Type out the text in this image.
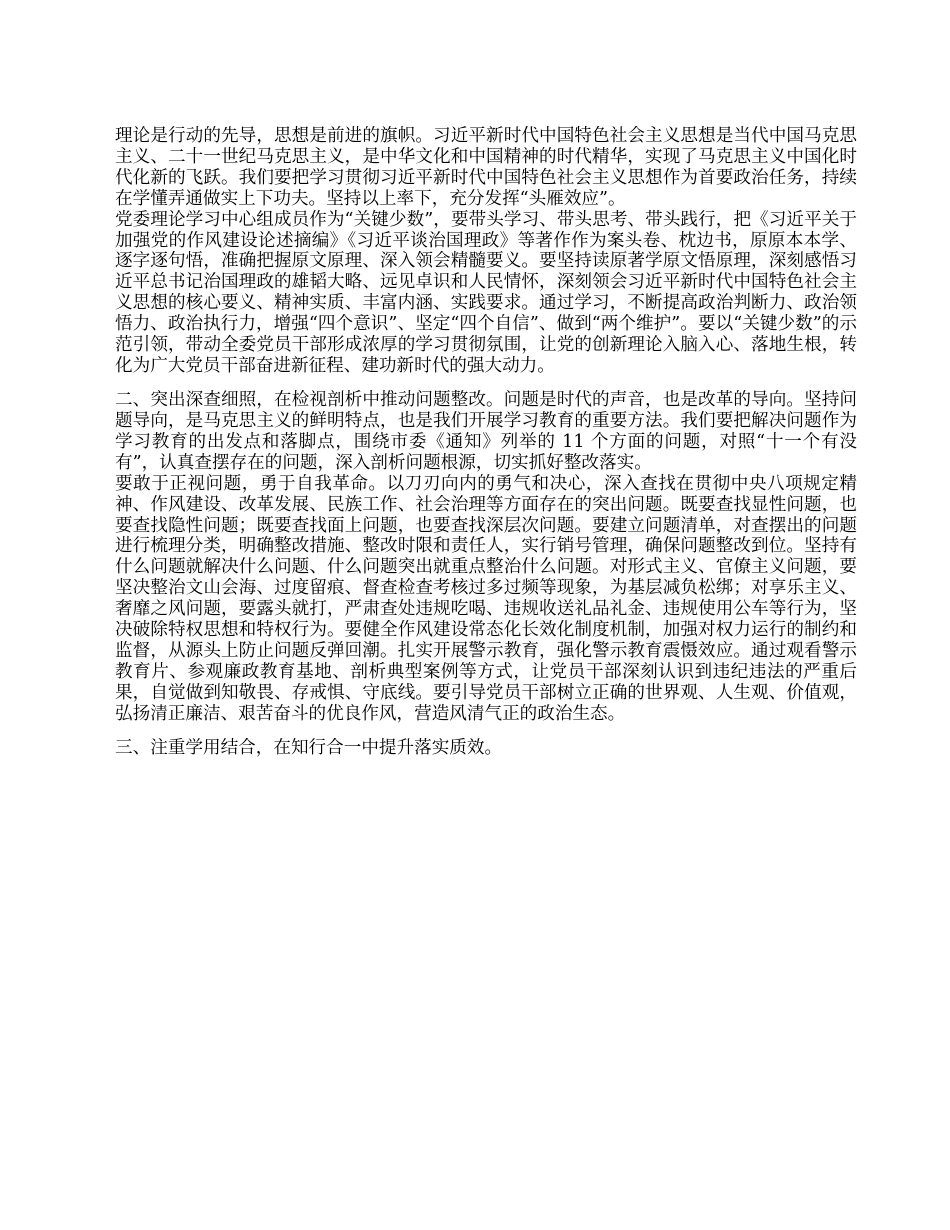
理论是行动的先导，思想是前进的旗帜。习近平新时代中国特色社会主义思想是当代中国马克思主义、二十一世纪马克思主义，是中华文化和中国精神的时代精华，实现了马克思主义中国化时代化新的飞跃。我们要把学习贯彻习近平新时代中国特色社会主义思想作为首要政治任务，持续在学懂弄通做实上下功夫。坚持以上率下，充分发挥“头雁效应”。

党委理论学习中心组成员作为“关键少数”，要带头学习、带头思考、带头践行，把《习近平关于加强党的作风建设论述摘编》《习近平谈治国理政》等著作作为案头卷、枕边书，原原本本学、逐字逐句悟，准确把握原文原理、深入领会精髓要义。要坚持读原著学原文悟原理，深刻感悟习近平总书记治国理政的雄韬大略、远见卓识和人民情怀，深刻领会习近平新时代中国特色社会主义思想的核心要义、精神实质、丰富内涵、实践要求。通过学习，不断提高政治判断力、政治领悟力、政治执行力，增强“四个意识”、坚定“四个自信”、做到“两个维护”。要以“关键少数”的示范引领，带动全委党员干部形成浓厚的学习贯彻氛围，让党的创新理论入脑入心、落地生根，转化为广大党员干部奋进新征程、建功新时代的强大动力。

二、突出深查细照，在检视剖析中推动问题整改。问题是时代的声音，也是改革的导向。坚持问题导向，是马克思主义的鲜明特点，也是我们开展学习教育的重要方法。我们要把解决问题作为学习教育的出发点和落脚点，围绕市委《通知》列举的 11 个方面的问题，对照“十一个有没有”，认真查摆存在的问题，深入剖析问题根源，切实抓好整改落实。

要敢于正视问题，勇于自我革命。以刀刃向内的勇气和决心，深入查找在贯彻中央八项规定精神、作风建设、改革发展、民族工作、社会治理等方面存在的突出问题。既要查找显性问题，也要查找隐性问题；既要查找面上问题，也要查找深层次问题。要建立问题清单，对查摆出的问题进行梳理分类，明确整改措施、整改时限和责任人，实行销号管理，确保问题整改到位。坚持有什么问题就解决什么问题、什么问题突出就重点整治什么问题。对形式主义、官僚主义问题，要坚决整治文山会海、过度留痕、督查检查考核过多过频等现象，为基层减负松绑；对享乐主义、奢靡之风问题，要露头就打，严肃查处违规吃喝、违规收送礼品礼金、违规使用公车等行为，坚决破除特权思想和特权行为。要健全作风建设常态化长效化制度机制，加强对权力运行的制约和监督，从源头上防止问题反弹回潮。扎实开展警示教育，强化警示教育震慑效应。通过观看警示教育片、参观廉政教育基地、剖析典型案例等方式，让党员干部深刻认识到违纪违法的严重后果，自觉做到知敬畏、存戒惧、守底线。要引导党员干部树立正确的世界观、人生观、价值观，弘扬清正廉洁、艰苦奋斗的优良作风，营造风清气正的政治生态。

三、注重学用结合，在知行合一中提升落实质效。
